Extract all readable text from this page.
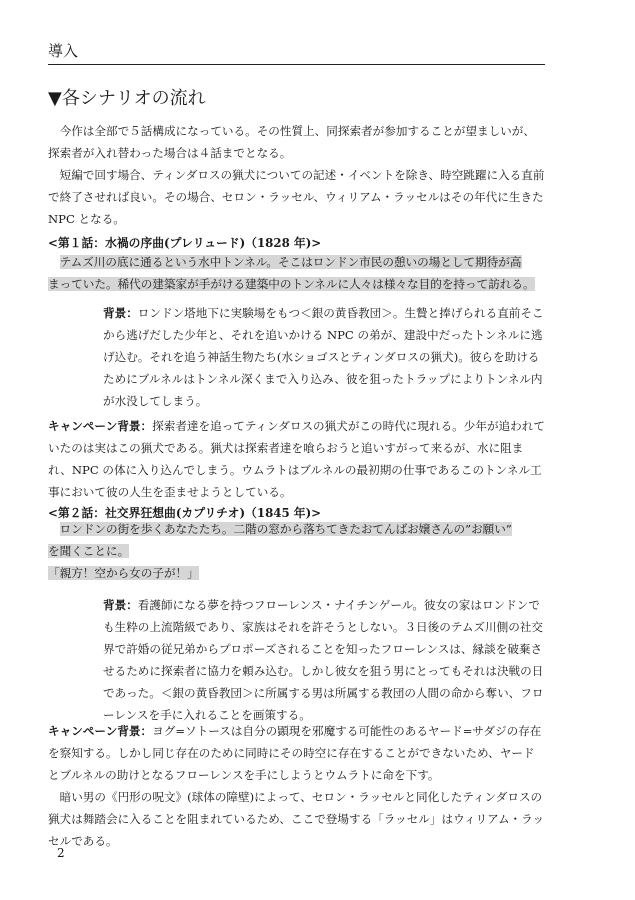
導入
▼各シナリオの流れ

今作は全部で５話構成になっている。その性質上、同探索者が参加することが望ましいが、探索者が入れ替わった場合は４話までとなる。

短編で回す場合、ティンダロスの猟犬についての記述・イベントを除き、時空跳躍に入る直前で終了させれば良い。その場合、セロン・ラッセル、ウィリアム・ラッセルはその年代に生きた NPC となる。

<第１話：水禍の序曲(プレリュード)（1828 年)>

テムズ川の底に通るという水中トンネル。そこはロンドン市民の憩いの場として期待が高
まっていた。稀代の建築家が手がける建築中のトンネルに人々は様々な目的を持って訪れる。

背景：ロンドン塔地下に実験場をもつ＜銀の黄昏教団＞。生贄と捧げられる直前そこから逃げだした少年と、それを追いかける NPC の弟が、建設中だったトンネルに逃げ込む。それを追う神話生物たち(水ショゴスとティンダロスの猟犬)。彼らを助けるためにブルネルはトンネル深くまで入り込み、彼を狙ったトラップによりトンネル内が水没してしまう。

キャンペーン背景：探索者達を追ってティンダロスの猟犬がこの時代に現れる。少年が追われていたのは実はこの猟犬である。猟犬は探索者達を喰らおうと追いすがって来るが、水に阻まれ、NPC の体に入り込んでしまう。ウムラトはブルネルの最初期の仕事であるこのトンネル工事において彼の人生を歪ませようとしている。

<第２話：社交界狂想曲(カプリチオ)（1845 年)>

ロンドンの街を歩くあなたたち。二階の窓から落ちてきたおてんばお嬢さんの”お願い”
を聞くことに。
「親方！空から女の子が！」

背景：看護師になる夢を持つフローレンス・ナイチンゲール。彼女の家はロンドンでも生粋の上流階級であり、家族はそれを許そうとしない。３日後のテムズ川側の社交界で許婚の従兄弟からプロポーズされることを知ったフローレンスは、縁談を破棄させるために探索者に協力を頼み込む。しかし彼女を狙う男にとってもそれは決戦の日であった。＜銀の黄昏教団＞に所属する男は所属する教団の人間の命から奪い、フローレンスを手に入れることを画策する。

キャンペーン背景：ヨグ=ソトースは自分の顕現を邪魔する可能性のあるヤード=サダジの存在を察知する。しかし同じ存在のために同時にその時空に存在することができないため、ヤードとブルネルの助けとなるフローレンスを手にしようとウムラトに命を下す。

暗い男の《円形の呪文》(球体の障壁)によって、セロン・ラッセルと同化したティンダロスの猟犬は舞踏会に入ることを阻まれているため、ここで登場する「ラッセル」はウィリアム・ラッセルである。

2
